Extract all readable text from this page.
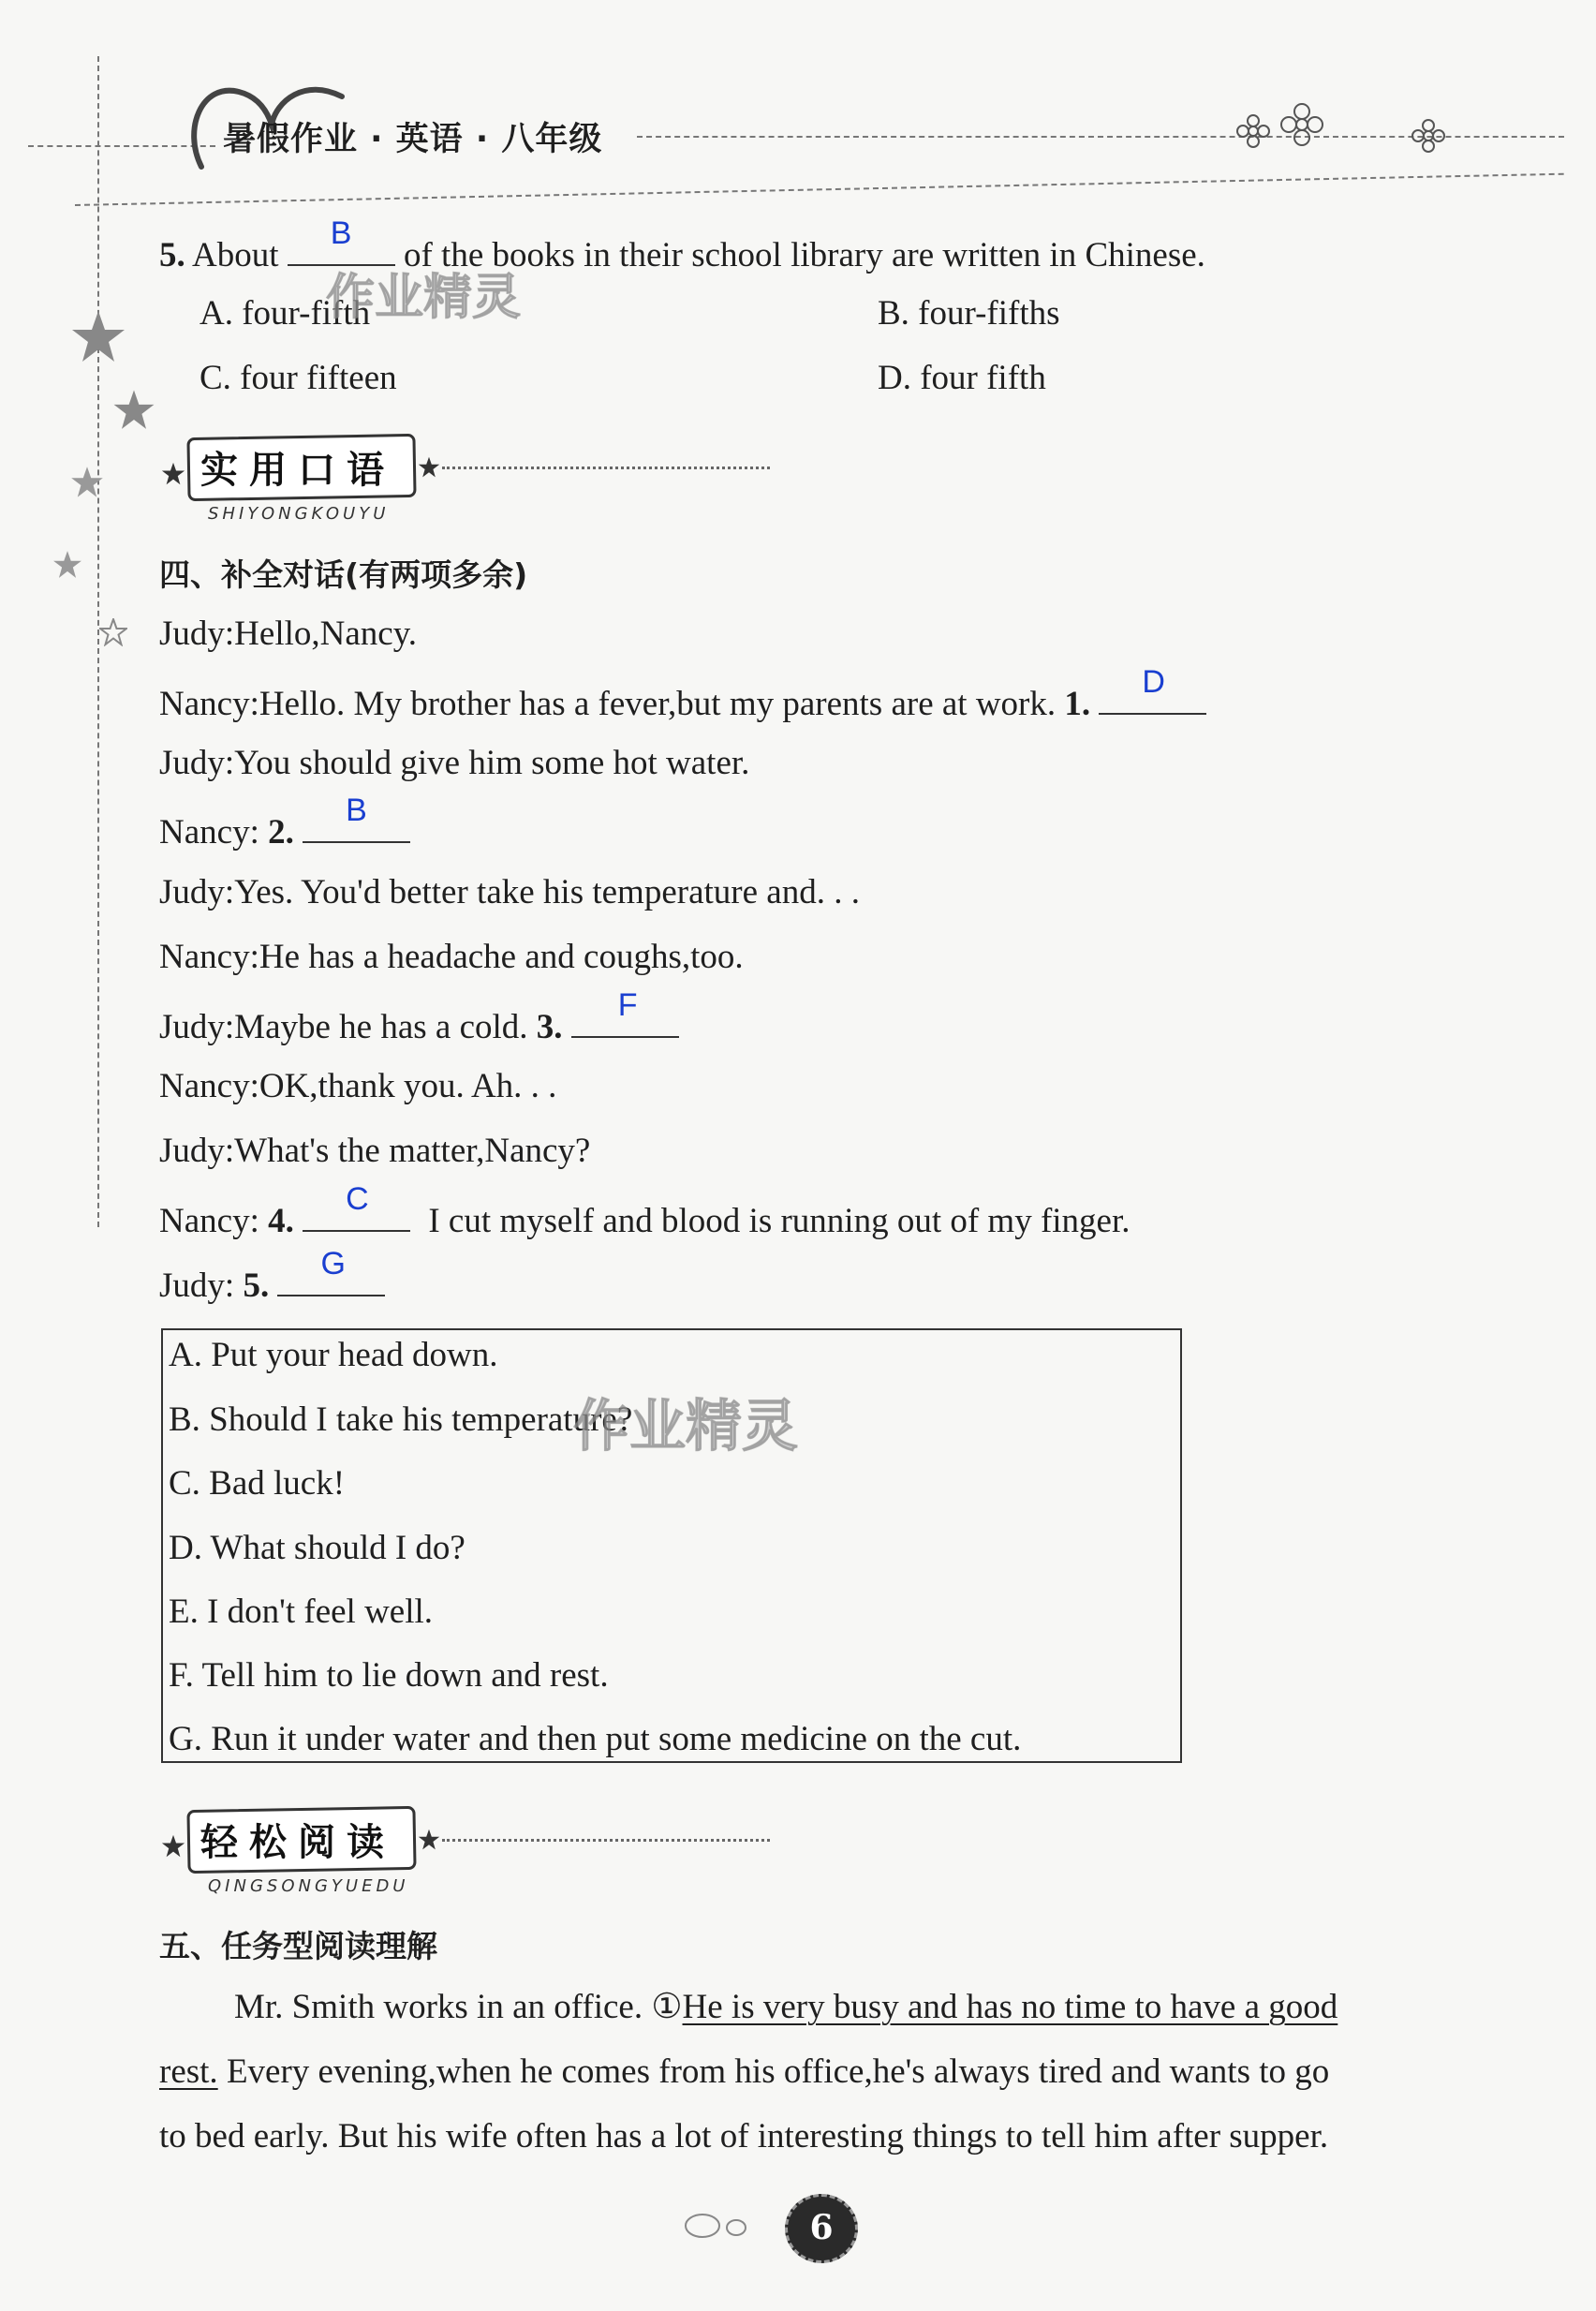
暑假作业 · 英语 · 八年级
5. About
B
of the books in their school library are written in Chinese.
A. four-fifth	B. four-fifths
C. four fifteen	D. four fifth
作业精灵
实用口语
SHIYONGKOUYU
四、补全对话(有两项多余)
Judy:Hello,Nancy.
Nancy:Hello. My brother has a fever,but my parents are at work. 1.
D
Judy:You should give him some hot water.
Nancy: 2.
B
Judy:Yes. You'd better take his temperature and. . .
Nancy:He has a headache and coughs,too.
Judy:Maybe he has a cold. 3.
F
Nancy:OK,thank you. Ah. . .
Judy:What's the matter,Nancy?
Nancy: 4.
C
I cut myself and blood is running out of my finger.
Judy: 5.
G
A. Put your head down.
B. Should I take his temperature?
C. Bad luck!
D. What should I do?
E. I don't feel well.
F. Tell him to lie down and rest.
G. Run it under water and then put some medicine on the cut.
作业精灵
轻松阅读
QINGSONGYUEDU
五、任务型阅读理解
Mr. Smith works in an office. ①He is very busy and has no time to have a good
rest. Every evening,when he comes from his office,he's always tired and wants to go
to bed early. But his wife often has a lot of interesting things to tell him after supper.
6
